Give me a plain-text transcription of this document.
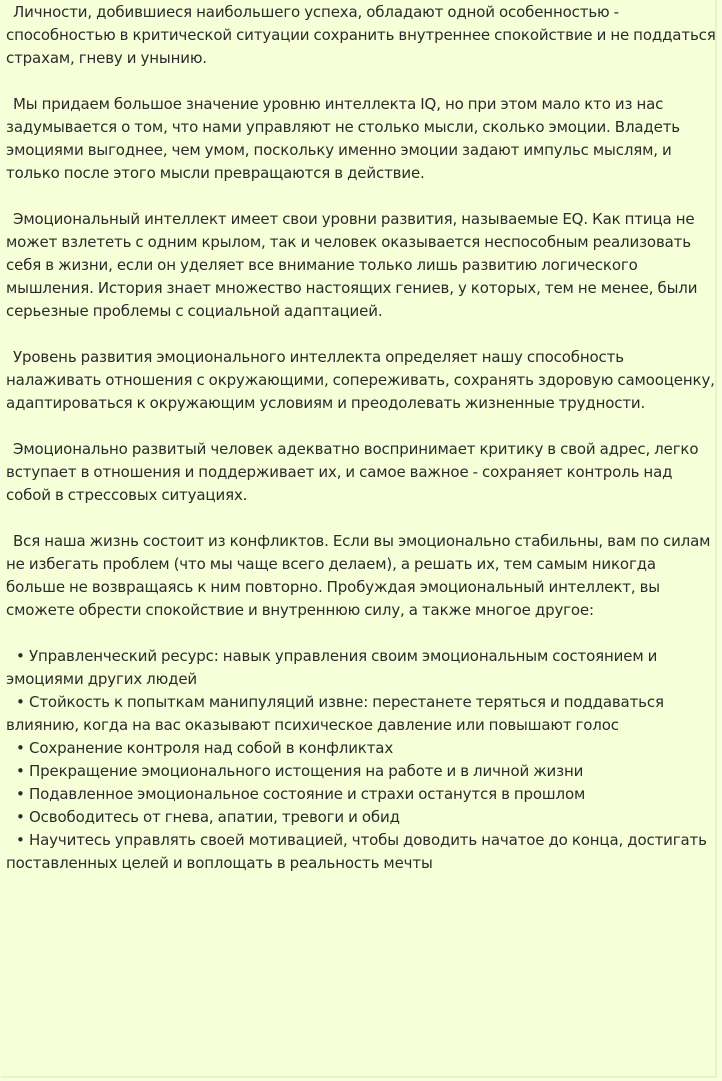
Личности, добившиеся наибольшего успеха, обладают одной особенностью - способностью в критической ситуации сохранить внутреннее спокойствие и не поддаться страхам, гневу и унынию.

Мы придаем большое значение уровню интеллекта IQ, но при этом мало кто из нас задумывается о том, что нами управляют не столько мысли, сколько эмоции. Владеть эмоциями выгоднее, чем умом, поскольку именно эмоции задают импульс мыслям, и только после этого мысли превращаются в действие.

Эмоциональный интеллект имеет свои уровни развития, называемые EQ. Как птица не может взлететь с одним крылом, так и человек оказывается неспособным реализовать себя в жизни, если он уделяет все внимание только лишь развитию логического мышления. История знает множество настоящих гениев, у которых, тем не менее, были серьезные проблемы с социальной адаптацией.

Уровень развития эмоционального интеллекта определяет нашу способность налаживать отношения с окружающими, сопереживать, сохранять здоровую самооценку, адаптироваться к окружающим условиям и преодолевать жизненные трудности.

Эмоционально развитый человек адекватно воспринимает критику в свой адрес, легко вступает в отношения и поддерживает их, и самое важное - сохраняет контроль над собой в стрессовых ситуациях.

Вся наша жизнь состоит из конфликтов. Если вы эмоционально стабильны, вам по силам не избегать проблем (что мы чаще всего делаем), а решать их, тем самым никогда больше не возвращаясь к ним повторно. Пробуждая эмоциональный интеллект, вы сможете обрести спокойствие и внутреннюю силу, а также многое другое:

• Управленческий ресурс: навык управления своим эмоциональным состоянием и эмоциями других людей
• Стойкость к попыткам манипуляций извне: перестанете теряться и поддаваться влиянию, когда на вас оказывают психическое давление или повышают голос
• Сохранение контроля над собой в конфликтах
• Прекращение эмоционального истощения на работе и в личной жизни
• Подавленное эмоциональное состояние и страхи останутся в прошлом
• Освободитесь от гнева, апатии, тревоги и обид
• Научитесь управлять своей мотивацией, чтобы доводить начатое до конца, достигать поставленных целей и воплощать в реальность мечты
